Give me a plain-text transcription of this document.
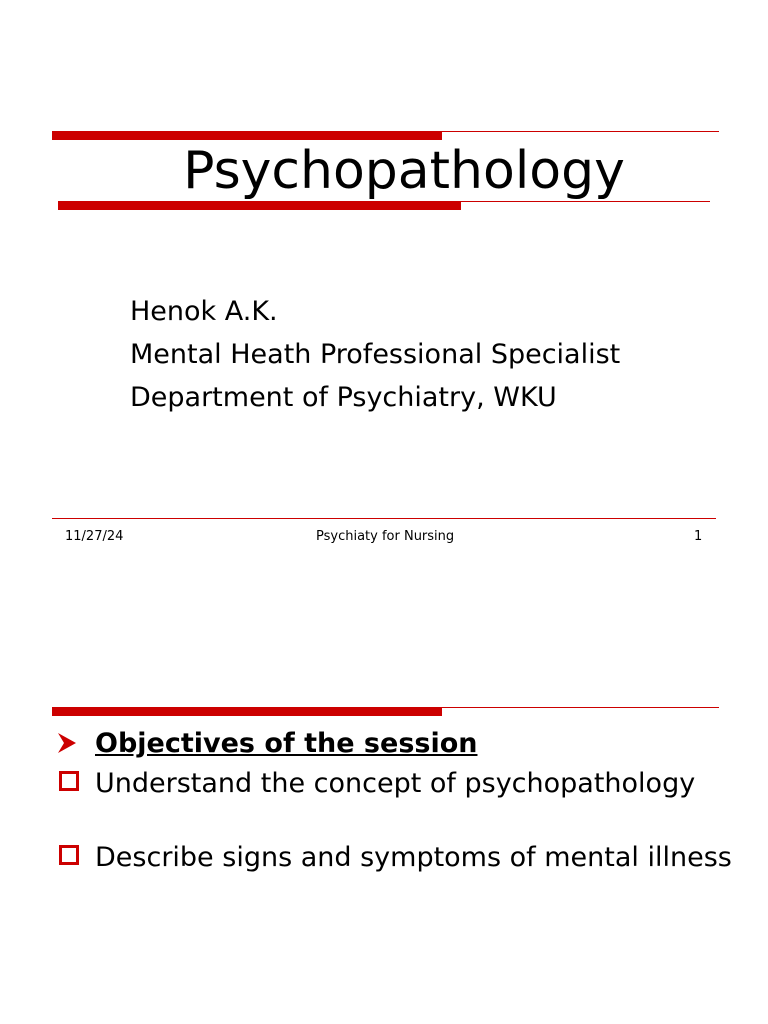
Psychopathology
Henok A.K.
Mental Heath Professional Specialist
Department of Psychiatry, WKU
11/27/24	Psychiaty for Nursing	1
Objectives of the session
Understand the concept of psychopathology
Describe signs and symptoms of mental illness
